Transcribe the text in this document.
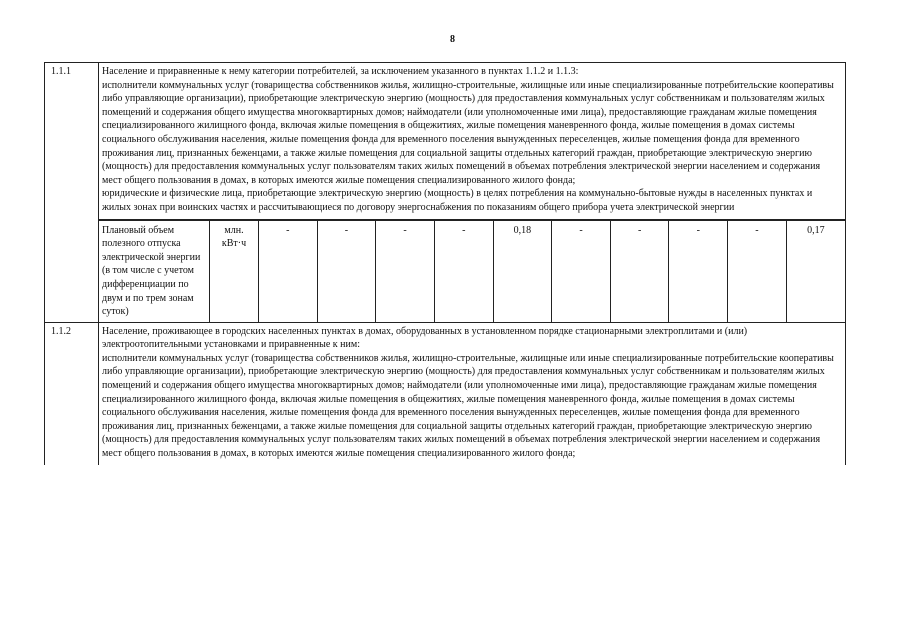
8
1.1.1	Население и приравненные к нему категории потребителей, за исключением указанного в пунктах 1.1.2 и 1.1.3:

исполнители коммунальных услуг (товарищества собственников жилья, жилищно-строительные, жилищные или иные специализированные потребительские кооперативы либо управляющие организации), приобретающие электрическую энергию (мощность) для предоставления коммунальных услуг собственникам и пользователям жилых помещений и содержания общего имущества многоквартирных домов; наймодатели (или уполномоченные ими лица), предоставляющие гражданам жилые помещения специализированного жилищного фонда, включая жилые помещения в общежитиях, жилые помещения маневренного фонда, жилые помещения в домах системы социального обслуживания населения, жилые помещения фонда для временного поселения вынужденных переселенцев, жилые помещения фонда для временного проживания лиц, признанных беженцами, а также жилые помещения для социальной защиты отдельных категорий граждан, приобретающие электрическую энергию (мощность) для предоставления коммунальных услуг пользователям таких жилых помещений в объемах потребления электрической энергии населением и содержания мест общего пользования в домах, в которых имеются жилые помещения специализированного жилого фонда;

юридические и физические лица, приобретающие электрическую энергию (мощность) в целях потребления на коммунально-бытовые нужды в населенных пунктах и жилых зонах при воинских частях и рассчитывающиеся по договору энергоснабжения по показаниям общего прибора учета электрической энергии

Плановый объем полезного отпуска электрической энергии (в том числе с учетом дифференциации по двум и по трем зонам суток)	млн. кВт·ч	-	-	-	-	0,18	-	-	-	-	0,17

1.1.2	Население, проживающее в городских населенных пунктах в домах, оборудованных в установленном порядке стационарными электроплитами и (или) электроотопительными установками и приравненные к ним:

исполнители коммунальных услуг (товарищества собственников жилья, жилищно-строительные, жилищные или иные специализированные потребительские кооперативы либо управляющие организации), приобретающие электрическую энергию (мощность) для предоставления коммунальных услуг собственникам и пользователям жилых помещений и содержания общего имущества многоквартирных домов; наймодатели (или уполномоченные ими лица), предоставляющие гражданам жилые помещения специализированного жилищного фонда, включая жилые помещения в общежитиях, жилые помещения маневренного фонда, жилые помещения в домах системы социального обслуживания населения, жилые помещения фонда для временного поселения вынужденных переселенцев, жилые помещения фонда для временного проживания лиц, признанных беженцами, а также жилые помещения для социальной защиты отдельных категорий граждан, приобретающие электрическую энергию (мощность) для предоставления коммунальных услуг пользователям таких жилых помещений в объемах потребления электрической энергии населением и содержания мест общего пользования в домах, в которых имеются жилые помещения специализированного жилого фонда;
